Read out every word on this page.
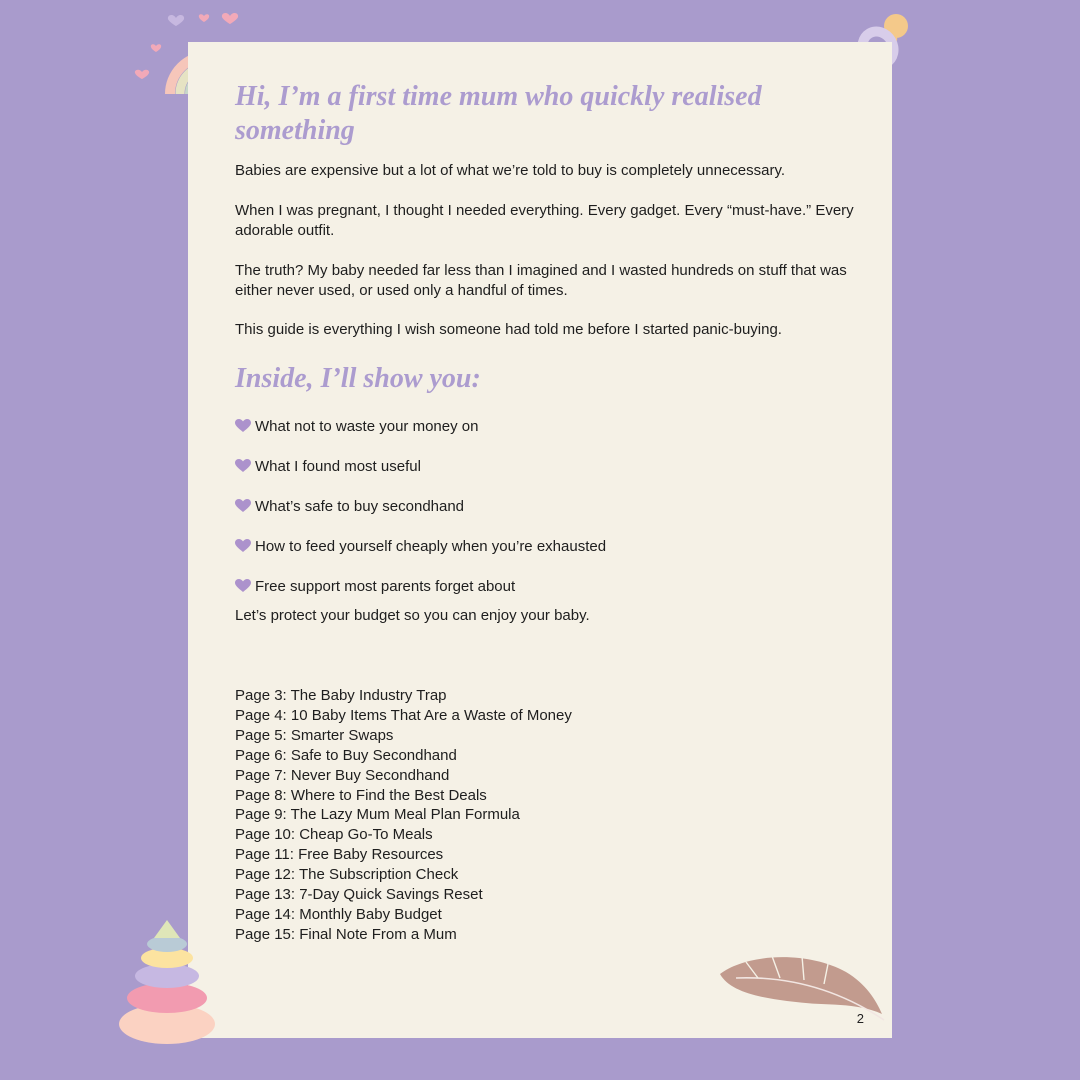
Hi, I’m a first time mum who quickly realised something

Babies are expensive but a lot of what we’re told to buy is completely unnecessary.

When I was pregnant, I thought I needed everything. Every gadget. Every “must-have.” Every adorable outfit.

The truth? My baby needed far less than I imagined and I wasted hundreds on stuff that was either never used, or used only a handful of times.

This guide is everything I wish someone had told me before I started panic-buying.

Inside, I’ll show you:
What not to waste your money on
What I found most useful
What’s safe to buy secondhand
How to feed yourself cheaply when you’re exhausted
Free support most parents forget about

Let’s protect your budget so you can enjoy your baby.

Page 3: The Baby Industry Trap
Page 4: 10 Baby Items That Are a Waste of Money
Page 5: Smarter Swaps
Page 6: Safe to Buy Secondhand
Page 7: Never Buy Secondhand
Page 8: Where to Find the Best Deals
Page 9: The Lazy Mum Meal Plan Formula
Page 10: Cheap Go-To Meals
Page 11: Free Baby Resources
Page 12: The Subscription Check
Page 13: 7-Day Quick Savings Reset
Page 14: Monthly Baby Budget
Page 15: Final Note From a Mum
2
